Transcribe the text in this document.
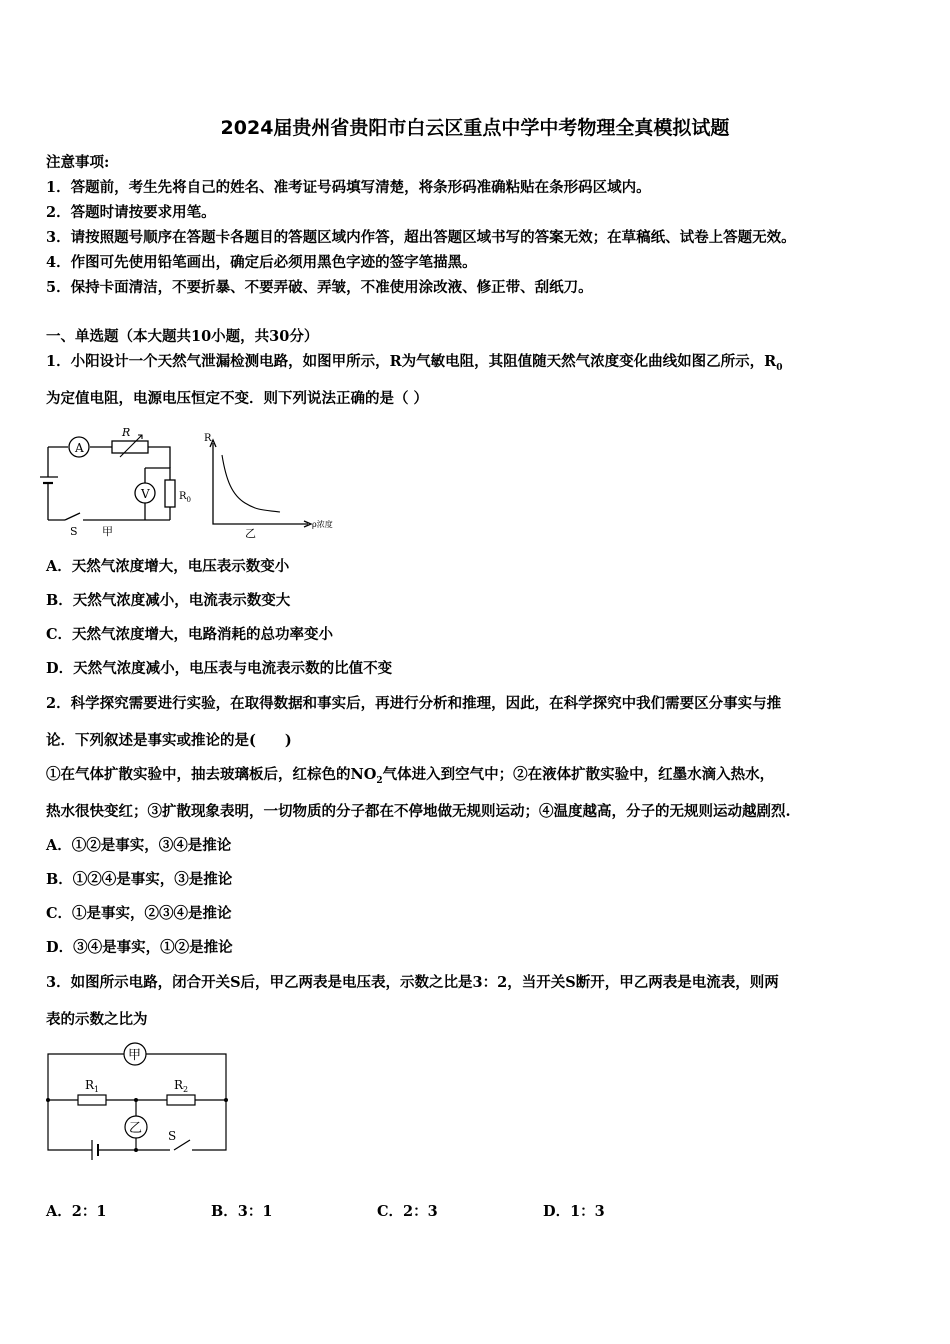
2024届贵州省贵阳市白云区重点中学中考物理全真模拟试题
注意事项:
1．答题前，考生先将自己的姓名、准考证号码填写清楚，将条形码准确粘贴在条形码区域内。
2．答题时请按要求用笔。
3．请按照题号顺序在答题卡各题目的答题区域内作答，超出答题区域书写的答案无效；在草稿纸、试卷上答题无效。
4．作图可先使用铅笔画出，确定后必须用黑色字迹的签字笔描黑。
5．保持卡面清洁，不要折暴、不要弄破、弄皱，不准使用涂改液、修正带、刮纸刀。
一、单选题（本大题共10小题，共30分）
1．小阳设计一个天然气泄漏检测电路，如图甲所示，R为气敏电阻，其阻值随天然气浓度变化曲线如图乙所示，$R_0$
为定值电阻，电源电压恒定不变．则下列说法正确的是（ ）
A
R
V	$R_0$
S 甲
R
ρ浓度
乙
A．天然气浓度增大，电压表示数变小
B．天然气浓度减小，电流表示数变大
C．天然气浓度增大，电路消耗的总功率变小
D．天然气浓度减小，电压表与电流表示数的比值不变
2．科学探究需要进行实验，在取得数据和事实后，再进行分析和推理，因此，在科学探究中我们需要区分事实与推
论．下列叙述是事实或推论的是(　　)
①在气体扩散实验中，抽去玻璃板后，红棕色的$NO_2$气体进入到空气中；②在液体扩散实验中，红墨水滴入热水，
热水很快变红；③扩散现象表明，一切物质的分子都在不停地做无规则运动；④温度越高，分子的无规则运动越剧烈.
A．①②是事实，③④是推论
B．①②④是事实，③是推论
C．①是事实，②③④是推论
D．③④是事实，①②是推论
3．如图所示电路，闭合开关S后，甲乙两表是电压表，示数之比是3：2，当开关S断开，甲乙两表是电流表，则两
表的示数之比为
甲
乙
$R_1$	$R_2$
S
A．2：1	B．3：1	C．2：3	D．1：3
